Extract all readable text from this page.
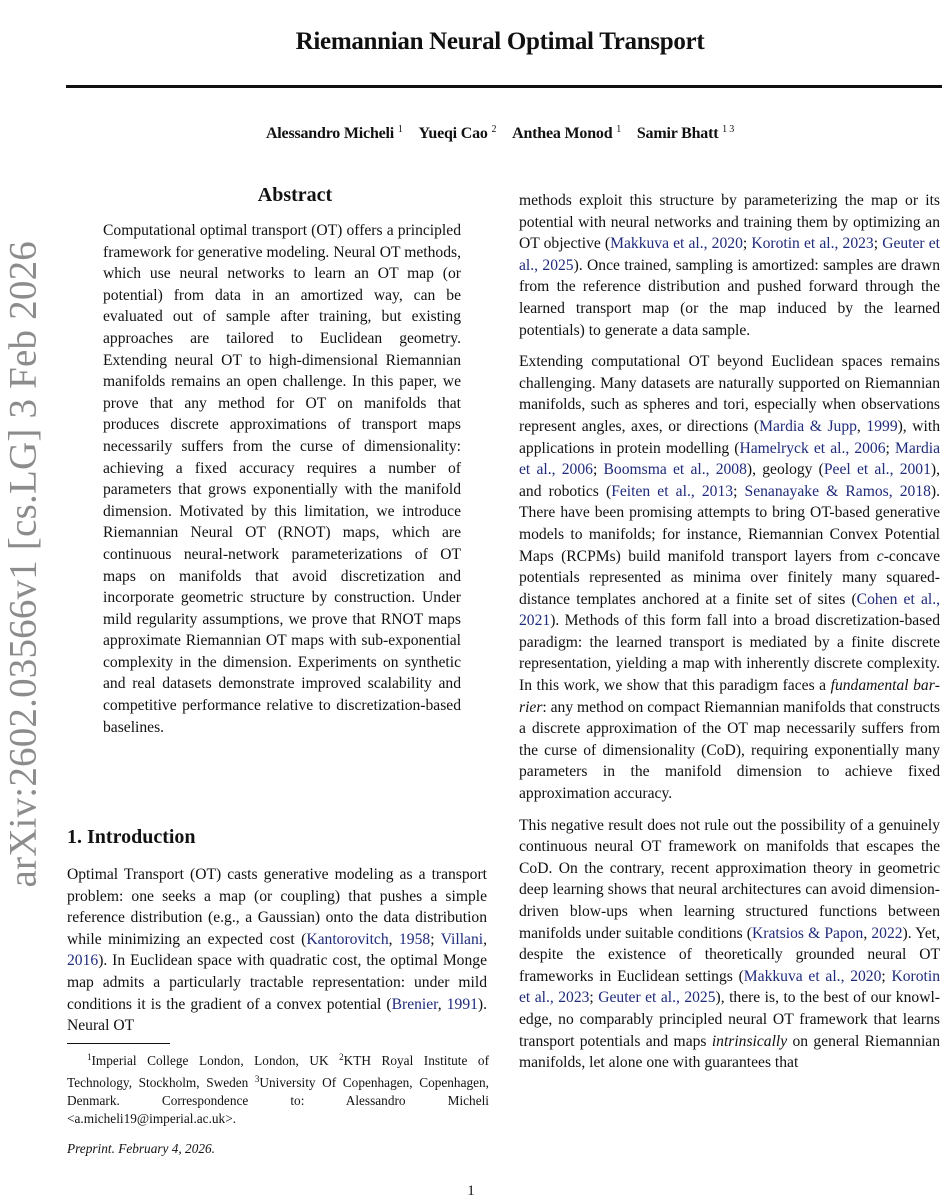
arXiv:2602.03566v1 [cs.LG] 3 Feb 2026
Riemannian Neural Optimal Transport
Alessandro Micheli $^1$ Yueqi Cao $^2$ Anthea Monod $^1$ Samir Bhatt $^{1 3}$
Abstract

Computational optimal transport (OT) offers a principled framework for generative modeling. Neural OT methods, which use neural networks to learn an OT map (or potential) from data in an amortized way, can be evaluated out of sample after training, but existing approaches are tailored to Euclidean geometry. Extending neural OT to high-dimensional Riemannian manifolds remains an open challenge. In this paper, we prove that any method for OT on manifolds that produces discrete approximations of transport maps necessarily suffers from the curse of dimensionality: achieving a fixed accuracy requires a number of parameters that grows exponentially with the manifold dimension. Motivated by this limitation, we introduce Riemannian Neural OT (RNOT) maps, which are continuous neural-network parameterizations of OT maps on manifolds that avoid discretization and incorporate geometric structure by construction. Under mild regularity assumptions, we prove that RNOT maps approximate Riemannian OT maps with sub-exponential complexity in the dimension. Experiments on synthetic and real datasets demonstrate improved scalability and competitive performance relative to discretization-based baselines.

1. Introduction

Optimal Transport (OT) casts generative modeling as a transport problem: one seeks a map (or coupling) that pushes a simple reference distribution (e.g., a Gaussian) onto the data distribution while minimizing an expected cost (Kantorovitch, 1958; Villani, 2016). In Euclidean space with quadratic cost, the optimal Monge map admits a particularly tractable representation: under mild conditions it is the gradient of a convex potential (Brenier, 1991). Neural OT

$^1$Imperial College London, London, UK $^2$KTH Royal Institute of Technology, Stockholm, Sweden $^3$University Of Copenhagen, Copenhagen, Denmark. Correspondence to: Alessandro Micheli <a.micheli19@imperial.ac.uk>.

Preprint. February 4, 2026.

methods exploit this structure by parameterizing the map or its potential with neural networks and training them by optimizing an OT objective (Makkuva et al., 2020; Korotin et al., 2023; Geuter et al., 2025). Once trained, sampling is amortized: samples are drawn from the reference distribution and pushed forward through the learned transport map (or the map induced by the learned potentials) to generate a data sample.

Extending computational OT beyond Euclidean spaces remains challenging. Many datasets are naturally supported on Riemannian manifolds, such as spheres and tori, especially when observations represent angles, axes, or directions (Mardia & Jupp, 1999), with applications in protein modelling (Hamelryck et al., 2006; Mardia et al., 2006; Boomsma et al., 2008), geology (Peel et al., 2001), and robotics (Feiten et al., 2013; Senanayake & Ramos, 2018). There have been promising attempts to bring OT-based generative models to manifolds; for instance, Riemannian Convex Potential Maps (RCPMs) build manifold transport layers from c-concave potentials represented as minima over finitely many squared-distance templates anchored at a finite set of sites (Cohen et al., 2021). Methods of this form fall into a broad discretization-based paradigm: the learned transport is mediated by a finite discrete representation, yielding a map with inherently discrete complexity. In this work, we show that this paradigm faces a fundamental barrier: any method on compact Riemannian manifolds that constructs a discrete approximation of the OT map necessarily suffers from the curse of dimensionality (CoD), requiring exponentially many parameters in the manifold dimension to achieve fixed approximation accuracy.

This negative result does not rule out the possibility of a genuinely continuous neural OT framework on manifolds that escapes the CoD. On the contrary, recent approximation theory in geometric deep learning shows that neural architectures can avoid dimension-driven blow-ups when learning structured functions between manifolds under suitable conditions (Kratsios & Papon, 2022). Yet, despite the existence of theoretically grounded neural OT frameworks in Euclidean settings (Makkuva et al., 2020; Korotin et al., 2023; Geuter et al., 2025), there is, to the best of our knowledge, no comparably principled neural OT framework that learns transport potentials and maps intrinsically on general Riemannian manifolds, let alone one with guarantees that

1
